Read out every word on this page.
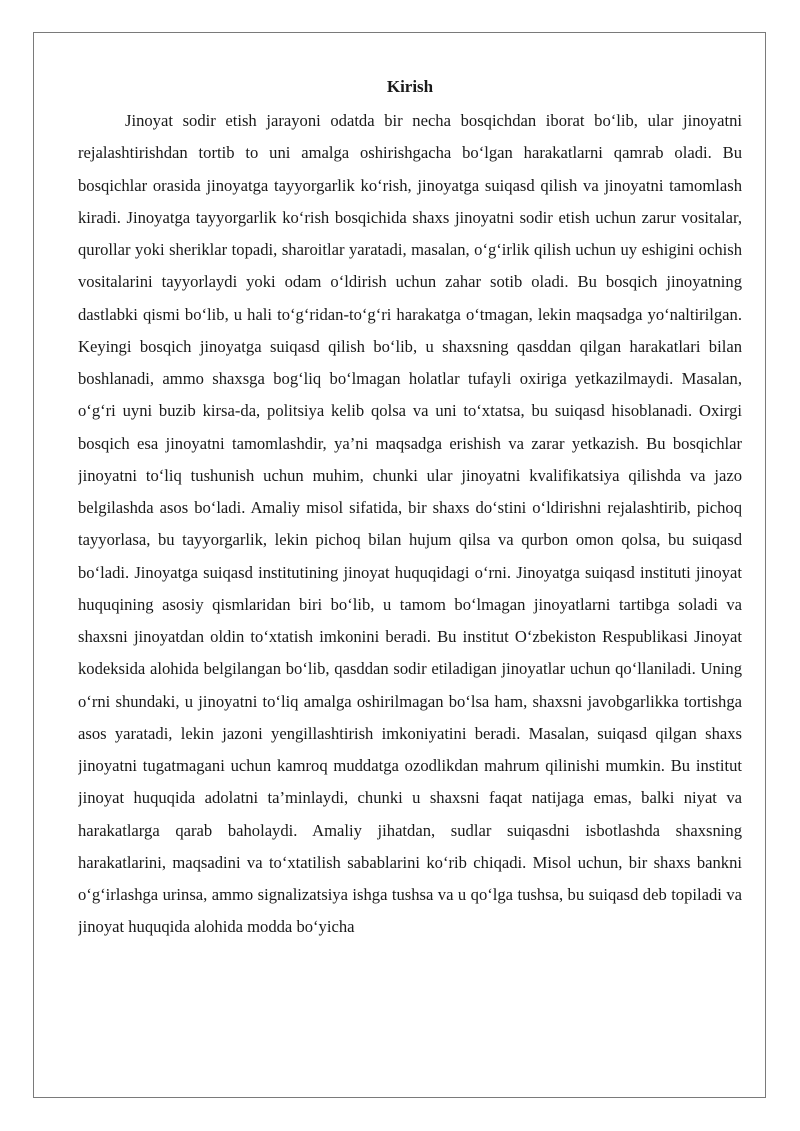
Kirish

Jinoyat sodir etish jarayoni odatda bir necha bosqichdan iborat bo‘lib, ular jinoyatni rejalashtirishdan tortib to uni amalga oshirishgacha bo‘lgan harakatlarni qamrab oladi. Bu bosqichlar orasida jinoyatga tayyorgarlik ko‘rish, jinoyatga suiqasd qilish va jinoyatni tamomlash kiradi. Jinoyatga tayyorgarlik ko‘rish bosqichida shaxs jinoyatni sodir etish uchun zarur vositalar, qurollar yoki sheriklar topadi, sharoitlar yaratadi, masalan, o‘g‘irlik qilish uchun uy eshigini ochish vositalarini tayyorlaydi yoki odam o‘ldirish uchun zahar sotib oladi. Bu bosqich jinoyatning dastlabki qismi bo‘lib, u hali to‘g‘ridan-to‘g‘ri harakatga o‘tmagan, lekin maqsadga yo‘naltirilgan. Keyingi bosqich jinoyatga suiqasd qilish bo‘lib, u shaxsning qasddan qilgan harakatlari bilan boshlanadi, ammo shaxsga bog‘liq bo‘lmagan holatlar tufayli oxiriga yetkazilmaydi. Masalan, o‘g‘ri uyni buzib kirsa-da, politsiya kelib qolsa va uni to‘xtatsa, bu suiqasd hisoblanadi. Oxirgi bosqich esa jinoyatni tamomlashdir, ya’ni maqsadga erishish va zarar yetkazish. Bu bosqichlar jinoyatni to‘liq tushunish uchun muhim, chunki ular jinoyatni kvalifikatsiya qilishda va jazo belgilashda asos bo‘ladi. Amaliy misol sifatida, bir shaxs do‘stini o‘ldirishni rejalashtirib, pichoq tayyorlasa, bu tayyorgarlik, lekin pichoq bilan hujum qilsa va qurbon omon qolsa, bu suiqasd bo‘ladi. Jinoyatga suiqasd institutining jinoyat huquqidagi o‘rni. Jinoyatga suiqasd instituti jinoyat huquqining asosiy qismlaridan biri bo‘lib, u tamom bo‘lmagan jinoyatlarni tartibga soladi va shaxsni jinoyatdan oldin to‘xtatish imkonini beradi. Bu institut O‘zbekiston Respublikasi Jinoyat kodeksida alohida belgilangan bo‘lib, qasddan sodir etiladigan jinoyatlar uchun qo‘llaniladi. Uning o‘rni shundaki, u jinoyatni to‘liq amalga oshirilmagan bo‘lsa ham, shaxsni javobgarlikka tortishga asos yaratadi, lekin jazoni yengillashtirish imkoniyatini beradi. Masalan, suiqasd qilgan shaxs jinoyatni tugatmagani uchun kamroq muddatga ozodlikdan mahrum qilinishi mumkin. Bu institut jinoyat huquqida adolatni ta’minlaydi, chunki u shaxsni faqat natijaga emas, balki niyat va harakatlarga qarab baholaydi. Amaliy jihatdan, sudlar suiqasdni isbotlashda shaxsning harakatlarini, maqsadini va to‘xtatilish sabablarini ko‘rib chiqadi. Misol uchun, bir shaxs bankni o‘g‘irlashga urinsa, ammo signalizatsiya ishga tushsa va u qo‘lga tushsa, bu suiqasd deb topiladi va jinoyat huquqida alohida modda bo‘yicha
